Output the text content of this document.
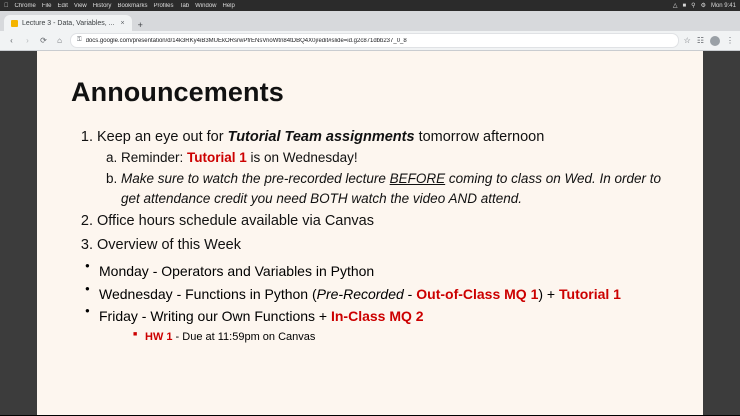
Chrome File Edit View History Bookmarks Profiles Tab Window Help	△ ■ ⚲ ⚙ Mon 9:41
Lecture 3 - Data, Variables, ... ×	+
‹	›	⟳	⌂	⚿ docs.google.com/presentation/d/14k3RKy4iB3MUEkORsrwPfrENsVrioWtn84tDBQ4X0j/edit#slide=id.g2c871dbb237_0_8	☆ ☷	⋮
Announcements
1. Keep an eye out for Tutorial Team assignments tomorrow afternoon
a. Reminder: Tutorial 1 is on Wednesday!
b. Make sure to watch the pre-recorded lecture BEFORE coming to class on Wed. In order to get attendance credit you need BOTH watch the video AND attend.
2. Office hours schedule available via Canvas
3. Overview of this Week
● Monday - Operators and Variables in Python
● Wednesday - Functions in Python (Pre-Recorded - Out-of-Class MQ 1) + Tutorial 1
● Friday - Writing our Own Functions + In-Class MQ 2
■ HW 1 - Due at 11:59pm on Canvas
